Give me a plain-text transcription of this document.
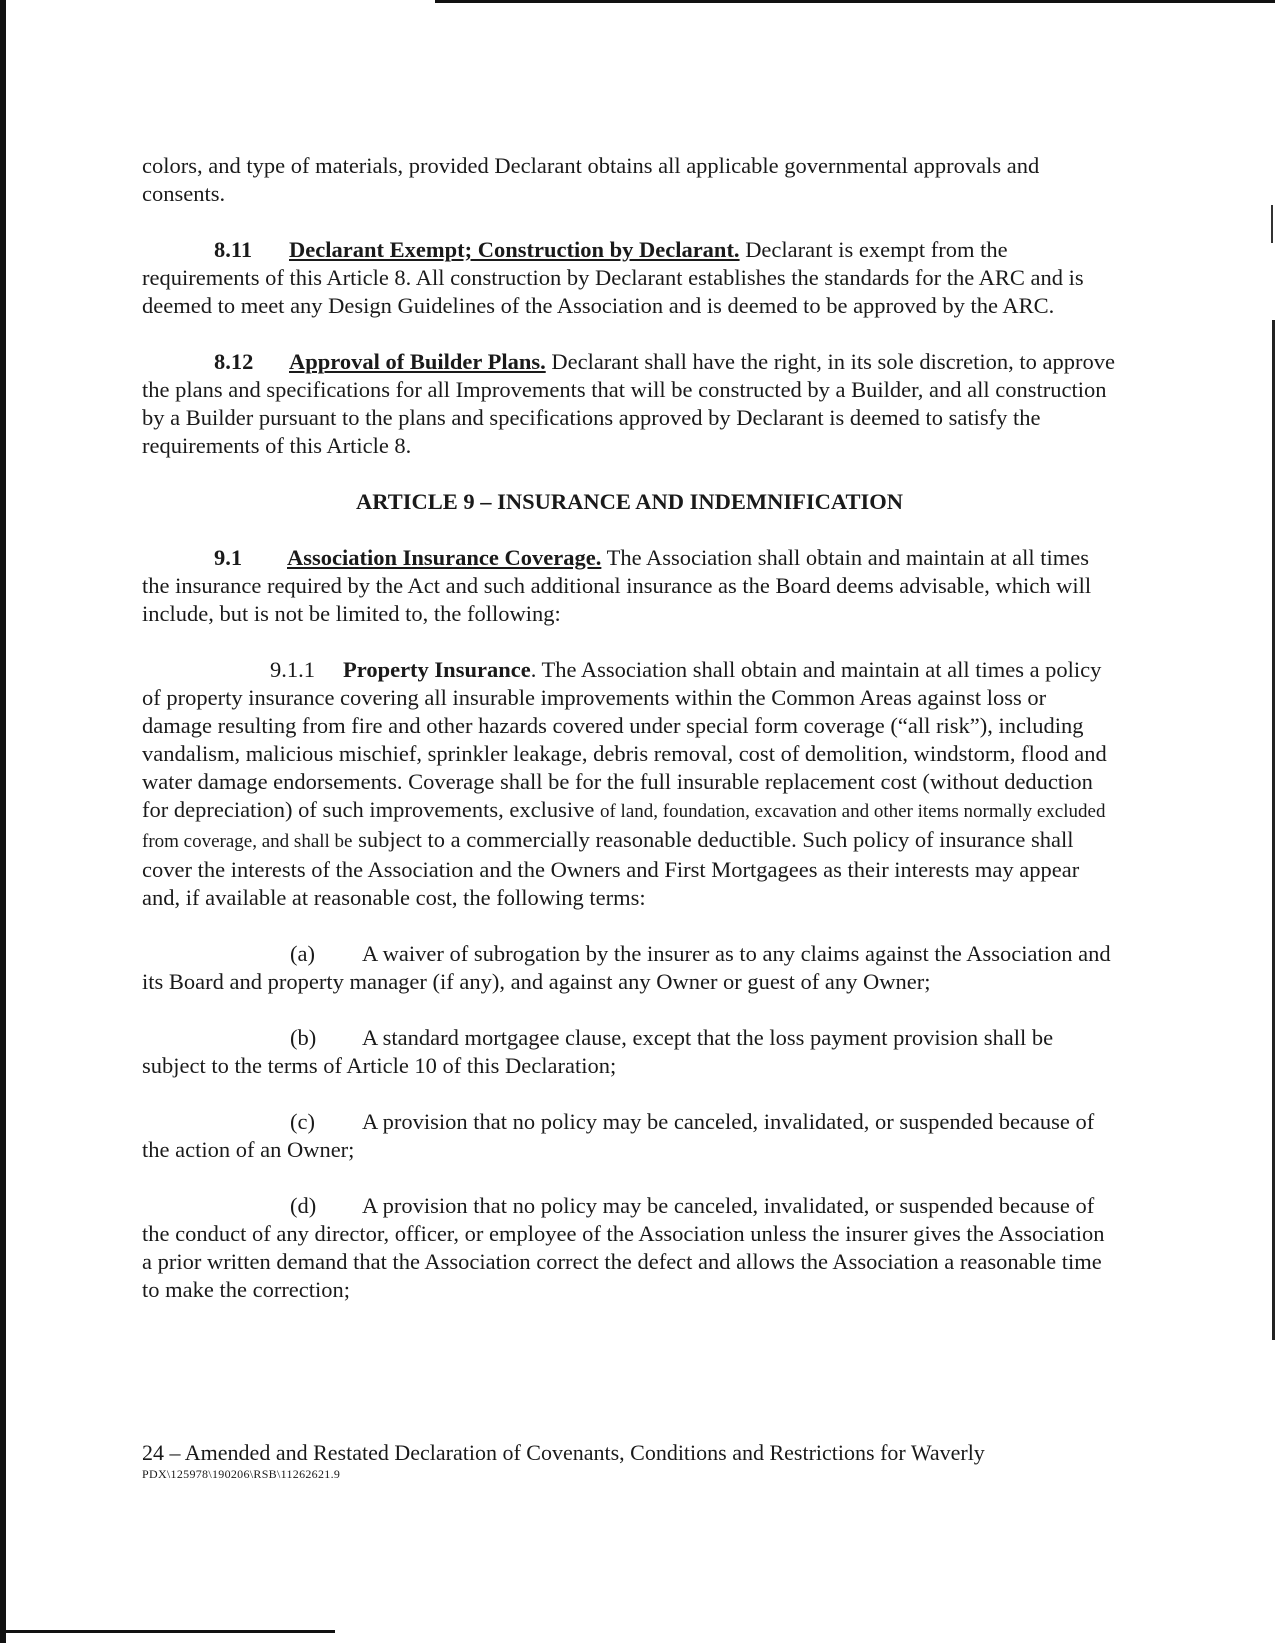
colors, and type of materials, provided Declarant obtains all applicable governmental approvals and consents.

8.11 Declarant Exempt; Construction by Declarant. Declarant is exempt from the requirements of this Article 8. All construction by Declarant establishes the standards for the ARC and is deemed to meet any Design Guidelines of the Association and is deemed to be approved by the ARC.

8.12 Approval of Builder Plans. Declarant shall have the right, in its sole discretion, to approve the plans and specifications for all Improvements that will be constructed by a Builder, and all construction by a Builder pursuant to the plans and specifications approved by Declarant is deemed to satisfy the requirements of this Article 8.

ARTICLE 9 – INSURANCE AND INDEMNIFICATION

9.1 Association Insurance Coverage. The Association shall obtain and maintain at all times the insurance required by the Act and such additional insurance as the Board deems advisable, which will include, but is not be limited to, the following:

9.1.1 Property Insurance. The Association shall obtain and maintain at all times a policy of property insurance covering all insurable improvements within the Common Areas against loss or damage resulting from fire and other hazards covered under special form coverage (“all risk”), including vandalism, malicious mischief, sprinkler leakage, debris removal, cost of demolition, windstorm, flood and water damage endorsements. Coverage shall be for the full insurable replacement cost (without deduction for depreciation) of such improvements, exclusive of land, foundation, excavation and other items normally excluded from coverage, and shall be subject to a commercially reasonable deductible. Such policy of insurance shall cover the interests of the Association and the Owners and First Mortgagees as their interests may appear and, if available at reasonable cost, the following terms:

(a) A waiver of subrogation by the insurer as to any claims against the Association and its Board and property manager (if any), and against any Owner or guest of any Owner;

(b) A standard mortgagee clause, except that the loss payment provision shall be subject to the terms of Article 10 of this Declaration;

(c) A provision that no policy may be canceled, invalidated, or suspended because of the action of an Owner;

(d) A provision that no policy may be canceled, invalidated, or suspended because of the conduct of any director, officer, or employee of the Association unless the insurer gives the Association a prior written demand that the Association correct the defect and allows the Association a reasonable time to make the correction;

24 – Amended and Restated Declaration of Covenants, Conditions and Restrictions for Waverly
PDX\125978\190206\RSB\11262621.9
